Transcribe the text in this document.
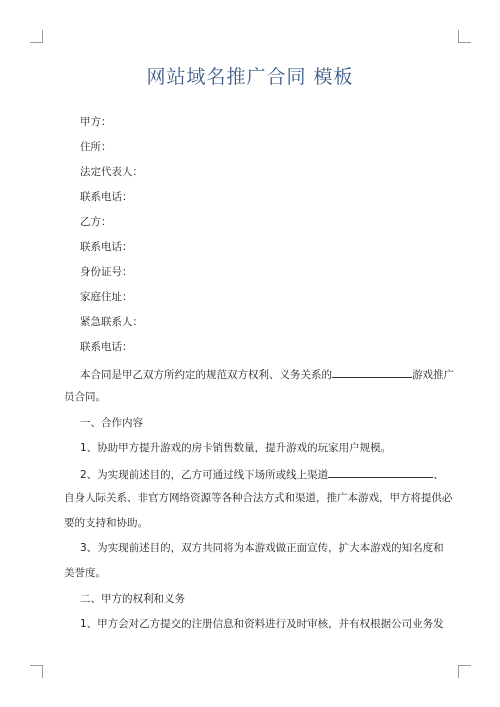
网站域名推广合同 模板
甲方：
住所：
法定代表人：
联系电话：
乙方：
联系电话：
身份证号：
家庭住址：
紧急联系人：
联系电话：
本合同是甲乙双方所约定的规范双方权利、义务关系的	游戏推广
员合同。
一、合作内容
1、协助甲方提升游戏的房卡销售数量，提升游戏的玩家用户规模。
2、为实现前述目的，乙方可通过线下场所或线上渠道	、
自身人际关系、非官方网络资源等各种合法方式和渠道，推广本游戏，甲方将提供必
要的支持和协助。
3、为实现前述目的，双方共同将为本游戏做正面宣传，扩大本游戏的知名度和
美誉度。
二、甲方的权利和义务
1、甲方会对乙方提交的注册信息和资料进行及时审核，并有权根据公司业务发
